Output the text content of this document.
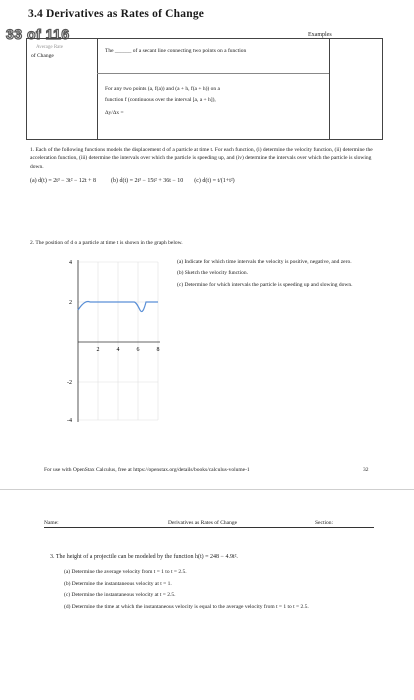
3.4 Derivatives as Rates of Change
33 of 116	Examples
The ______ of a secant line connecting two points on a function
For any two points (a, f(a)) and (a + h, f(a + h)) on a
function f (continuous over the interval [a, a + h]),
Δy/Δx =
Average Rate
of Change
1. Each of the following functions models the displacement d of a particle at time t. For each function, (i) determine the velocity function, (ii) determine the acceleration function, (iii) determine the intervals over which the particle is speeding up, and (iv) determine the intervals over which the particle is slowing down.
(a) d(t) = 2t³ − 3t² − 12t + 8	(b) d(t) = 2t³ − 15t² + 36t − 10 (c) d(t) = t/(1+t²)
2. The position of d o a particle at time t is shown in the graph below.
4
2
-2
-4
2	4	6	8
(a) Indicate for which time intervals the velocity is positive, negative, and zero.
(b) Sketch the velocity function.
(c) Determine for which intervals the particle is speeding up and slowing down.
For use with OpenStax Calculus, free at https://openstax.org/details/books/calculus-volume-1	32
Name:	Derivatives as Rates of Change	Section:
3. The height of a projectile can be modeled by the function h(t) = 248 − 4.9t².
(a) Determine the average velocity from t = 1 to t = 2.5.
(b) Determine the instantaneous velocity at t = 1.
(c) Determine the instantaneous velocity at t = 2.5.
(d) Determine the time at which the instantaneous velocity is equal to the average velocity from t = 1 to t = 2.5.
